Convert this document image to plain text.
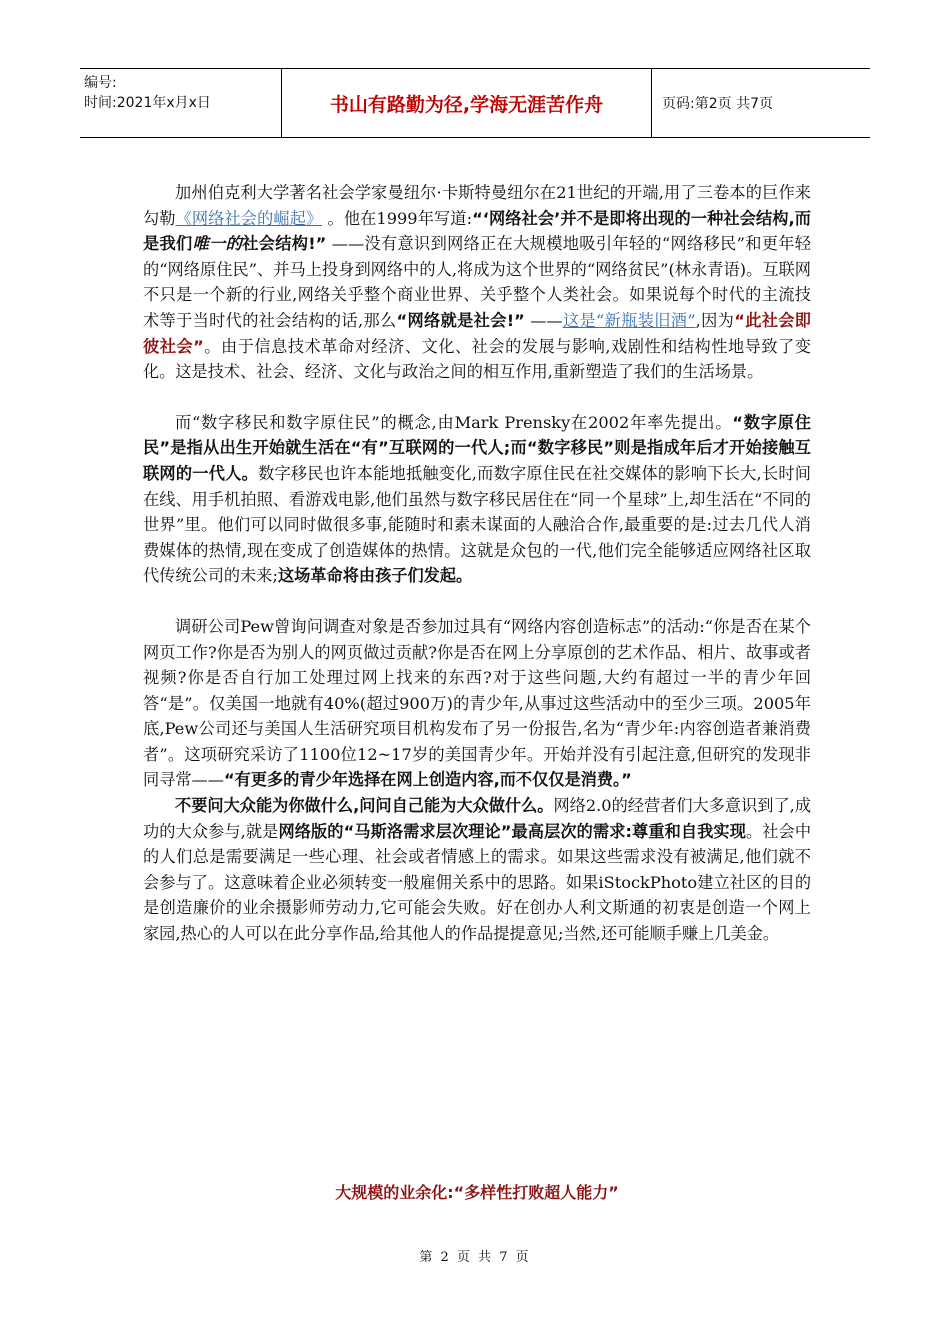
编号:
时间:2021年x月x日	书山有路勤为径,学海无涯苦作舟	页码:第2页 共7页

加州伯克利大学著名社会学家曼纽尔·卡斯特曼纽尔在21世纪的开端,用了三卷本的巨作来勾勒《网络社会的崛起》 。他在1999年写道:“‘网络社会’并不是即将出现的一种社会结构,而是我们唯一的社会结构!” ——没有意识到网络正在大规模地吸引年轻的“网络移民”和更年轻的“网络原住民”、并马上投身到网络中的人,将成为这个世界的“网络贫民”(林永青语)。互联网不只是一个新的行业,网络关乎整个商业世界、关乎整个人类社会。如果说每个时代的主流技术等于当时代的社会结构的话,那么“网络就是社会!” ——这是“新瓶装旧酒”,因为“此社会即彼社会”。由于信息技术革命对经济、文化、社会的发展与影响,戏剧性和结构性地导致了变化。这是技术、社会、经济、文化与政治之间的相互作用,重新塑造了我们的生活场景。

而“数字移民和数字原住民”的概念,由Mark Prensky在2002年率先提出。“数字原住民”是指从出生开始就生活在“有”互联网的一代人;而“数字移民”则是指成年后才开始接触互联网的一代人。数字移民也许本能地抵触变化,而数字原住民在社交媒体的影响下长大,长时间在线、用手机拍照、看游戏电影,他们虽然与数字移民居住在“同一个星球”上,却生活在“不同的世界”里。他们可以同时做很多事,能随时和素未谋面的人融洽合作,最重要的是:过去几代人消费媒体的热情,现在变成了创造媒体的热情。这就是众包的一代,他们完全能够适应网络社区取代传统公司的未来;这场革命将由孩子们发起。

调研公司Pew曾询问调查对象是否参加过具有“网络内容创造标志”的活动:“你是否在某个网页工作?你是否为别人的网页做过贡献?你是否在网上分享原创的艺术作品、相片、故事或者视频?你是否自行加工处理过网上找来的东西?对于这些问题,大约有超过一半的青少年回答“是”。仅美国一地就有40%(超过900万)的青少年,从事过这些活动中的至少三项。2005年底,Pew公司还与美国人生活研究项目机构发布了另一份报告,名为“青少年:内容创造者兼消费者”。这项研究采访了1100位12~17岁的美国青少年。开始并没有引起注意,但研究的发现非同寻常——“有更多的青少年选择在网上创造内容,而不仅仅是消费。”

不要问大众能为你做什么,问问自己能为大众做什么。网络2.0的经营者们大多意识到了,成功的大众参与,就是网络版的“马斯洛需求层次理论”最高层次的需求:尊重和自我实现。社会中的人们总是需要满足一些心理、社会或者情感上的需求。如果这些需求没有被满足,他们就不会参与了。这意味着企业必须转变一般雇佣关系中的思路。如果iStockPhoto建立社区的目的是创造廉价的业余摄影师劳动力,它可能会失败。好在创办人利文斯通的初衷是创造一个网上家园,热心的人可以在此分享作品,给其他人的作品提提意见;当然,还可能顺手赚上几美金。

大规模的业余化:“多样性打败超人能力”
第 2 页 共 7 页
